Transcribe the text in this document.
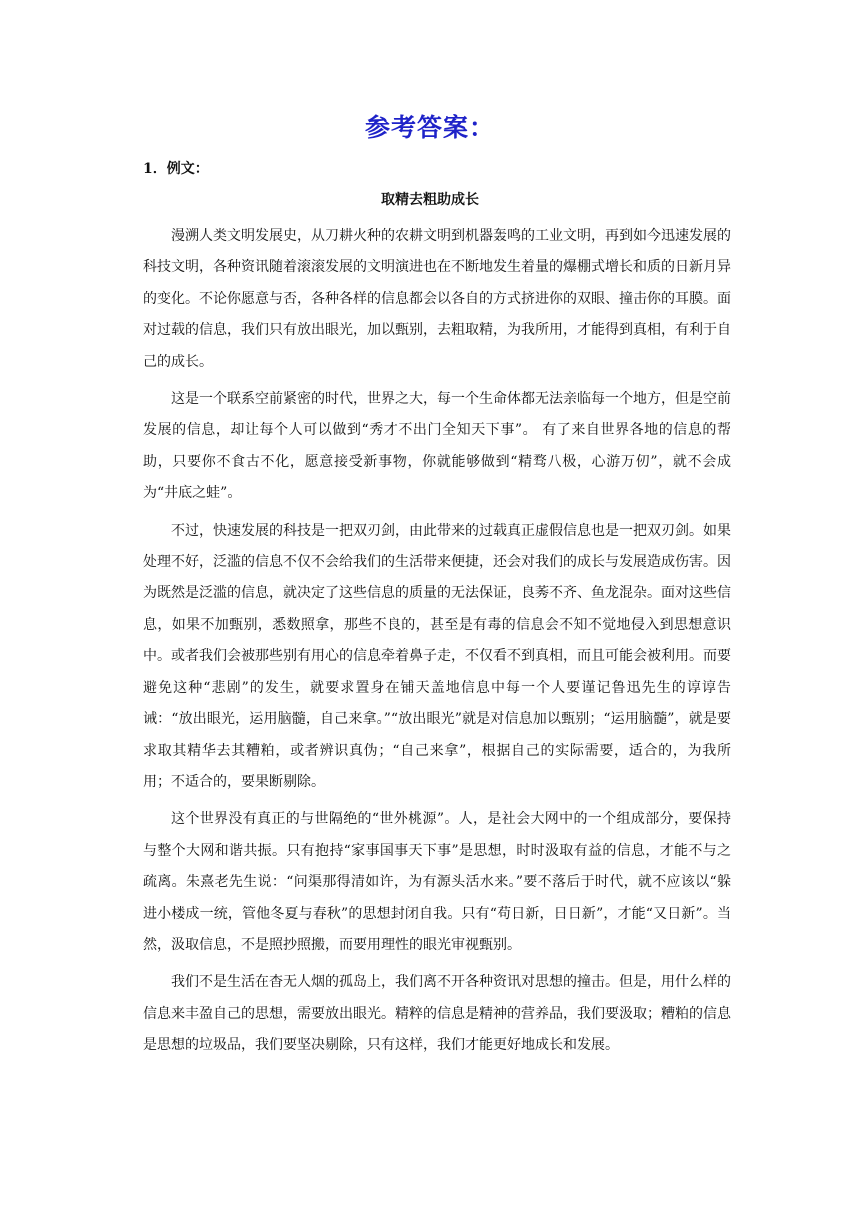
参考答案：
1．例文：
取精去粗助成长

漫溯人类文明发展史，从刀耕火种的农耕文明到机器轰鸣的工业文明，再到如今迅速发展的科技文明，各种资讯随着滚滚发展的文明演进也在不断地发生着量的爆棚式增长和质的日新月异的变化。不论你愿意与否，各种各样的信息都会以各自的方式挤进你的双眼、撞击你的耳膜。面对过载的信息，我们只有放出眼光，加以甄别，去粗取精，为我所用，才能得到真相，有利于自己的成长。

这是一个联系空前紧密的时代，世界之大，每一个生命体都无法亲临每一个地方，但是空前发展的信息，却让每个人可以做到“秀才不出门全知天下事”。 有了来自世界各地的信息的帮助，只要你不食古不化，愿意接受新事物，你就能够做到“精骛八极，心游万仞”，就不会成为“井底之蛙”。

不过，快速发展的科技是一把双刃剑，由此带来的过载真正虚假信息也是一把双刃剑。如果处理不好，泛滥的信息不仅不会给我们的生活带来便捷，还会对我们的成长与发展造成伤害。因为既然是泛滥的信息，就决定了这些信息的质量的无法保证，良莠不齐、鱼龙混杂。面对这些信息，如果不加甄别，悉数照拿，那些不良的，甚至是有毒的信息会不知不觉地侵入到思想意识中。或者我们会被那些别有用心的信息牵着鼻子走，不仅看不到真相，而且可能会被利用。而要避免这种“悲剧”的发生，就要求置身在铺天盖地信息中每一个人要谨记鲁迅先生的谆谆告诫：“放出眼光，运用脑髓，自己来拿。”“放出眼光”就是对信息加以甄别；“运用脑髓”，就是要求取其精华去其糟粕，或者辨识真伪；“自己来拿”，根据自己的实际需要，适合的，为我所用；不适合的，要果断剔除。

这个世界没有真正的与世隔绝的“世外桃源”。人，是社会大网中的一个组成部分，要保持与整个大网和谐共振。只有抱持“家事国事天下事”是思想，时时汲取有益的信息，才能不与之疏离。朱熹老先生说：“问渠那得清如许，为有源头活水来。”要不落后于时代，就不应该以“躲进小楼成一统，管他冬夏与春秋”的思想封闭自我。只有“苟日新，日日新”，才能“又日新”。当然，汲取信息，不是照抄照搬，而要用理性的眼光审视甄别。

我们不是生活在杳无人烟的孤岛上，我们离不开各种资讯对思想的撞击。但是，用什么样的信息来丰盈自己的思想，需要放出眼光。精粹的信息是精神的营养品，我们要汲取；糟粕的信息是思想的垃圾品，我们要坚决剔除，只有这样，我们才能更好地成长和发展。
